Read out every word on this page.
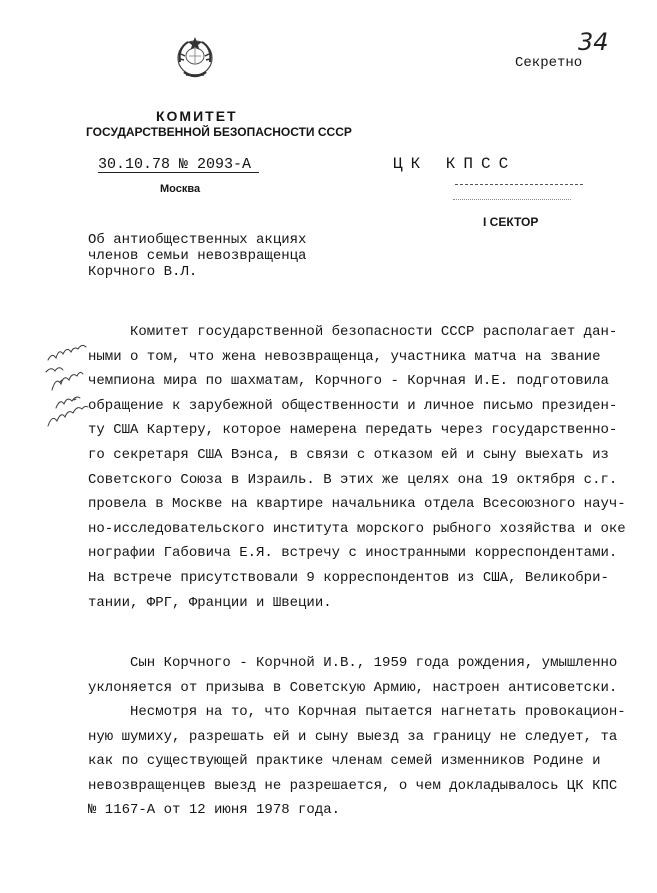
34
Секретно
КОМИТЕТ
ГОСУДАРСТВЕННОЙ БЕЗОПАСНОСТИ СССР
30.10.78 № 2093-А
Москва
ЦК КПСС
I СЕКТОР
Об антиобщественных акциях
членов семьи невозвращенца
Корчного В.Л.
Комитет государственной безопасности СССР располагает дан-
ными о том, что жена невозвращенца, участника матча на звание
чемпиона мира по шахматам, Корчного - Корчная И.Е. подготовила
обращение к зарубежной общественности и личное письмо президен-
ту США Картеру, которое намерена передать через государственно-
го секретаря США Вэнса, в связи с отказом ей и сыну выехать из
Советского Союза в Израиль. В этих же целях она 19 октября с.г.
провела в Москве на квартире начальника отдела Всесоюзного науч-
но-исследовательского института морского рыбного хозяйства и оке
нографии Габовича Е.Я. встречу с иностранными корреспондентами.
На встрече присутствовали 9 корреспондентов из США, Великобри-
тании, ФРГ, Франции и Швеции.
Сын Корчного - Корчной И.В., 1959 года рождения, умышленно
уклоняется от призыва в Советскую Армию, настроен антисоветски.
Несмотря на то, что Корчная пытается нагнетать провокацион-
ную шумиху, разрешать ей и сыну выезд за границу не следует, та
как по существующей практике членам семей изменников Родине и
невозвращенцев выезд не разрешается, о чем докладывалось ЦК КПС
№ 1167-А от 12 июня 1978 года.
